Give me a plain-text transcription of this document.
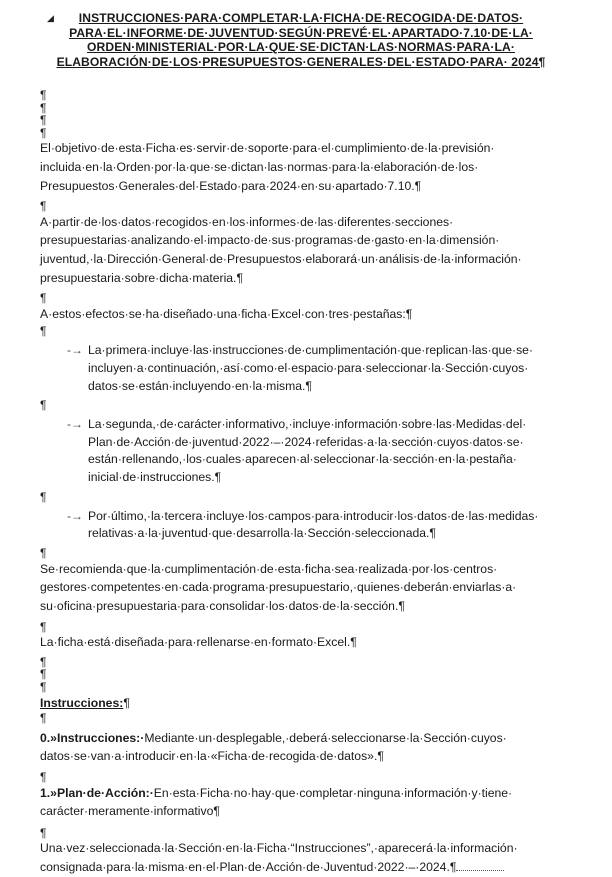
◢	INSTRUCCIONES·PARA·COMPLETAR·LA·FICHA·DE·RECOGIDA·DE·DATOS· PARA·EL·INFORME·DE·JUVENTUD·SEGÚN·PREVÉ·EL·APARTADO·7.10·DE·LA· ORDEN·MINISTERIAL·POR·LA·QUE·SE·DICTAN·LAS·NORMAS·PARA·LA· ELABORACIÓN·DE·LOS·PRESUPUESTOS·GENERALES·DEL·ESTADO·PARA· 2024¶
¶
¶
¶
¶

El·objetivo·de·esta·Ficha·es·servir·de·soporte·para·el·cumplimiento·de·la·previsión· incluida·en·la·Orden·por·la·que·se·dictan·las·normas·para·la·elaboración·de·los· Presupuestos·Generales·del·Estado·para·2024·en·su·apartado·7.10.¶

¶

A·partir·de·los·datos·recogidos·en·los·informes·de·las·diferentes·secciones· presupuestarias·analizando·el·impacto·de·sus·programas·de·gasto·en·la·dimensión· juventud,·la·Dirección·General·de·Presupuestos·elaborará·un·análisis·de·la·información· presupuestaria·sobre·dicha·materia.¶

¶

A·estos·efectos·se·ha·diseñado·una·ficha·Excel·con·tres·pestañas:¶

¶
-→ La·primera·incluye·las·instrucciones·de·cumplimentación·que·replican·las·que·se· incluyen·a·continuación,·así·como·el·espacio·para·seleccionar·la·Sección·cuyos· datos·se·están·incluyendo·en·la·misma.¶
¶
-→ La·segunda,·de·carácter·informativo,·incluye·información·sobre·las·Medidas·del· Plan·de·Acción·de·juventud·2022·–·2024·referidas·a·la·sección·cuyos·datos·se· están·rellenando,·los·cuales·aparecen·al·seleccionar·la·sección·en·la·pestaña· inicial·de·instrucciones.¶
¶
-→ Por·último,·la·tercera·incluye·los·campos·para·introducir·los·datos·de·las·medidas· relativas·a·la·juventud·que·desarrolla·la·Sección·seleccionada.¶
¶

Se·recomienda·que·la·cumplimentación·de·esta·ficha·sea·realizada·por·los·centros· gestores·competentes·en·cada·programa·presupuestario,·quienes·deberán·enviarlas·a· su·oficina·presupuestaria·para·consolidar·los·datos·de·la·sección.¶

¶

La·ficha·está·diseñada·para·rellenarse·en·formato·Excel.¶

¶
¶
¶

Instrucciones:¶

¶

0.»Instrucciones:·Mediante·un·desplegable,·deberá·seleccionarse·la·Sección·cuyos· datos·se·van·a·introducir·en·la·«Ficha·de·recogida·de·datos».¶

¶

1.»Plan·de·Acción:·En·esta·Ficha·no·hay·que·completar·ninguna·información·y·tiene· carácter·meramente·informativo¶

¶

Una·vez·seleccionada·la·Sección·en·la·Ficha·“Instrucciones”,·aparecerá·la·información· consignada·para·la·misma·en·el·Plan·de·Acción·de·Juventud·2022·–·2024.¶
